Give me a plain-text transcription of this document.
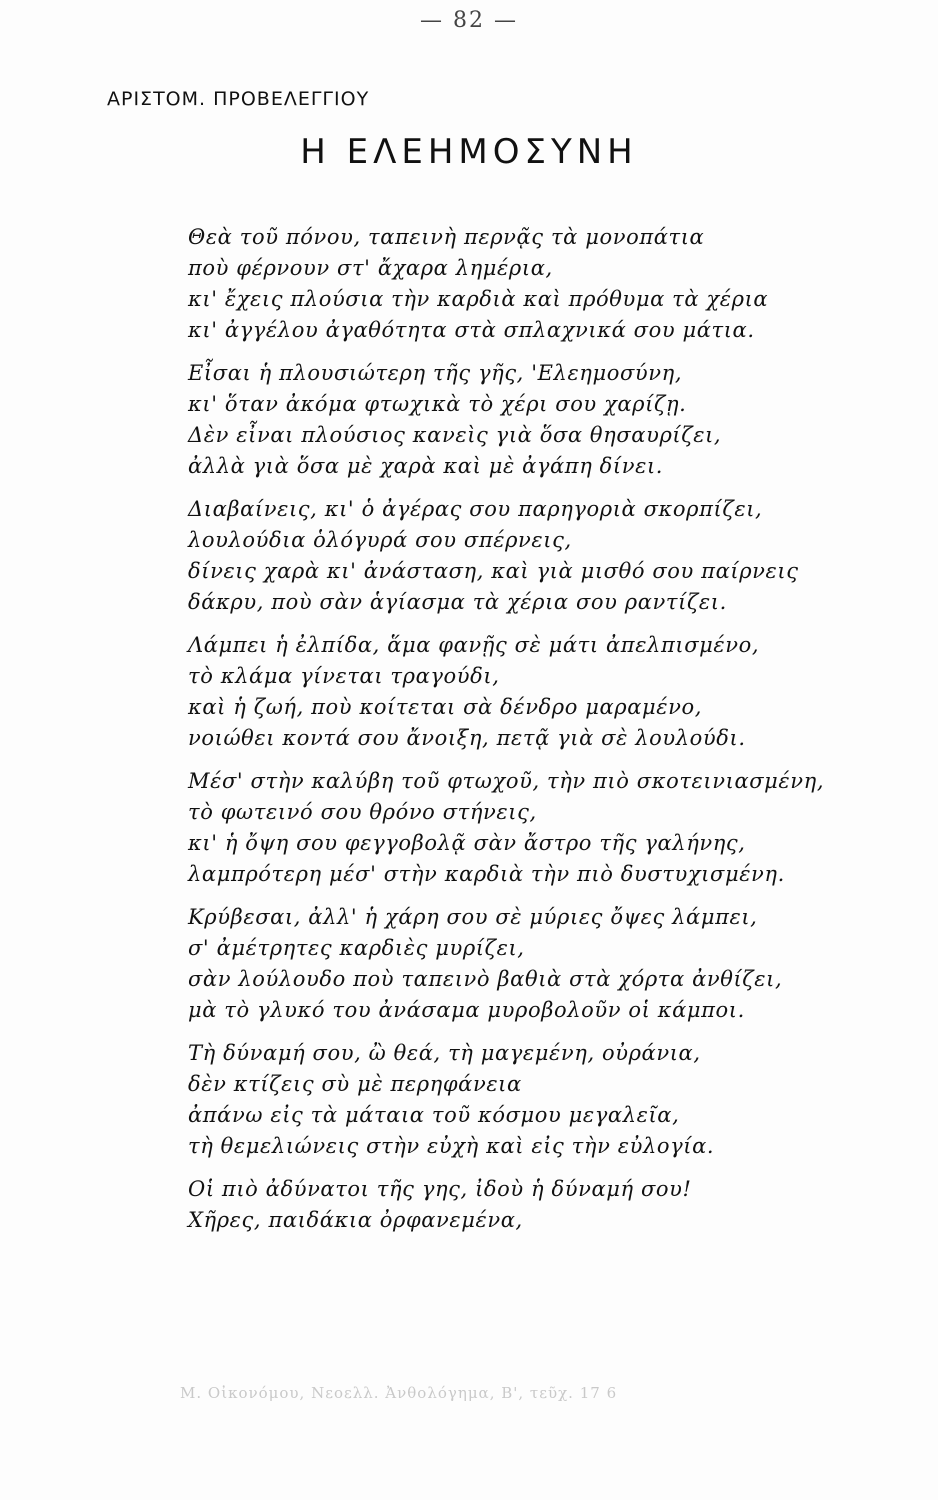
— 82 —
ΑΡΙΣΤΟΜ. ΠΡΟΒΕΛΕΓΓΙΟΥ
Η ΕΛΕΗΜΟΣΥΝΗ
Θεὰ τοῦ πόνου, ταπεινὴ περνᾷς τὰ μονοπάτια
ποὺ φέρνουν στ' ἄχαρα λημέρια,
κι' ἔχεις πλούσια τὴν καρδιὰ καὶ πρόθυμα τὰ χέρια
κι' ἀγγέλου ἀγαθότητα στὰ σπλαχνικά σου μάτια.
Εἶσαι ἡ πλουσιώτερη τῆς γῆς, 'Ελεημοσύνη,
κι' ὅταν ἀκόμα φτωχικὰ τὸ χέρι σου χαρίζῃ.
Δὲν εἶναι πλούσιος κανεὶς γιὰ ὅσα θησαυρίζει,
ἀλλὰ γιὰ ὅσα μὲ χαρὰ καὶ μὲ ἀγάπη δίνει.
Διαβαίνεις, κι' ὁ ἀγέρας σου παρηγοριὰ σκορπίζει,
λουλούδια ὁλόγυρά σου σπέρνεις,
δίνεις χαρὰ κι' ἀνάσταση, καὶ γιὰ μισθό σου παίρνεις
δάκρυ, ποὺ σὰν ἁγίασμα τὰ χέρια σου ραντίζει.
Λάμπει ἡ ἐλπίδα, ἅμα φανῇς σὲ μάτι ἀπελπισμένο,
τὸ κλάμα γίνεται τραγούδι,
καὶ ἡ ζωή, ποὺ κοίτεται σὰ δένδρο μαραμένο,
νοιώθει κοντά σου ἄνοιξη, πετᾷ γιὰ σὲ λουλούδι.
Μέσ' στὴν καλύβη τοῦ φτωχοῦ, τὴν πιὸ σκοτεινιασμένη,
τὸ φωτεινό σου θρόνο στήνεις,
κι' ἡ ὄψη σου φεγγοβολᾷ σὰν ἄστρο τῆς γαλήνης,
λαμπρότερη μέσ' στὴν καρδιὰ τὴν πιὸ δυστυχισμένη.
Κρύβεσαι, ἀλλ' ἡ χάρη σου σὲ μύριες ὄψες λάμπει,
σ' ἀμέτρητες καρδιὲς μυρίζει,
σὰν λούλουδο ποὺ ταπεινὸ βαθιὰ στὰ χόρτα ἀνθίζει,
μὰ τὸ γλυκό του ἀνάσαμα μυροβολοῦν οἱ κάμποι.
Τὴ δύναμή σου, ὢ θεά, τὴ μαγεμένη, οὐράνια,
δὲν κτίζεις σὺ μὲ περηφάνεια
ἀπάνω εἰς τὰ μάταια τοῦ κόσμου μεγαλεῖα,
τὴ θεμελιώνεις στὴν εὐχὴ καὶ εἰς τὴν εὐλογία.
Οἱ πιὸ ἀδύνατοι τῆς γης, ἰδοὺ ἡ δύναμή σου!
Χῆρες, παιδάκια ὀρφανεμένα,
Μ. Οἰκονόμου, Νεοελλ. Ἀνθολόγημα, Β', τεῦχ. 17 6
